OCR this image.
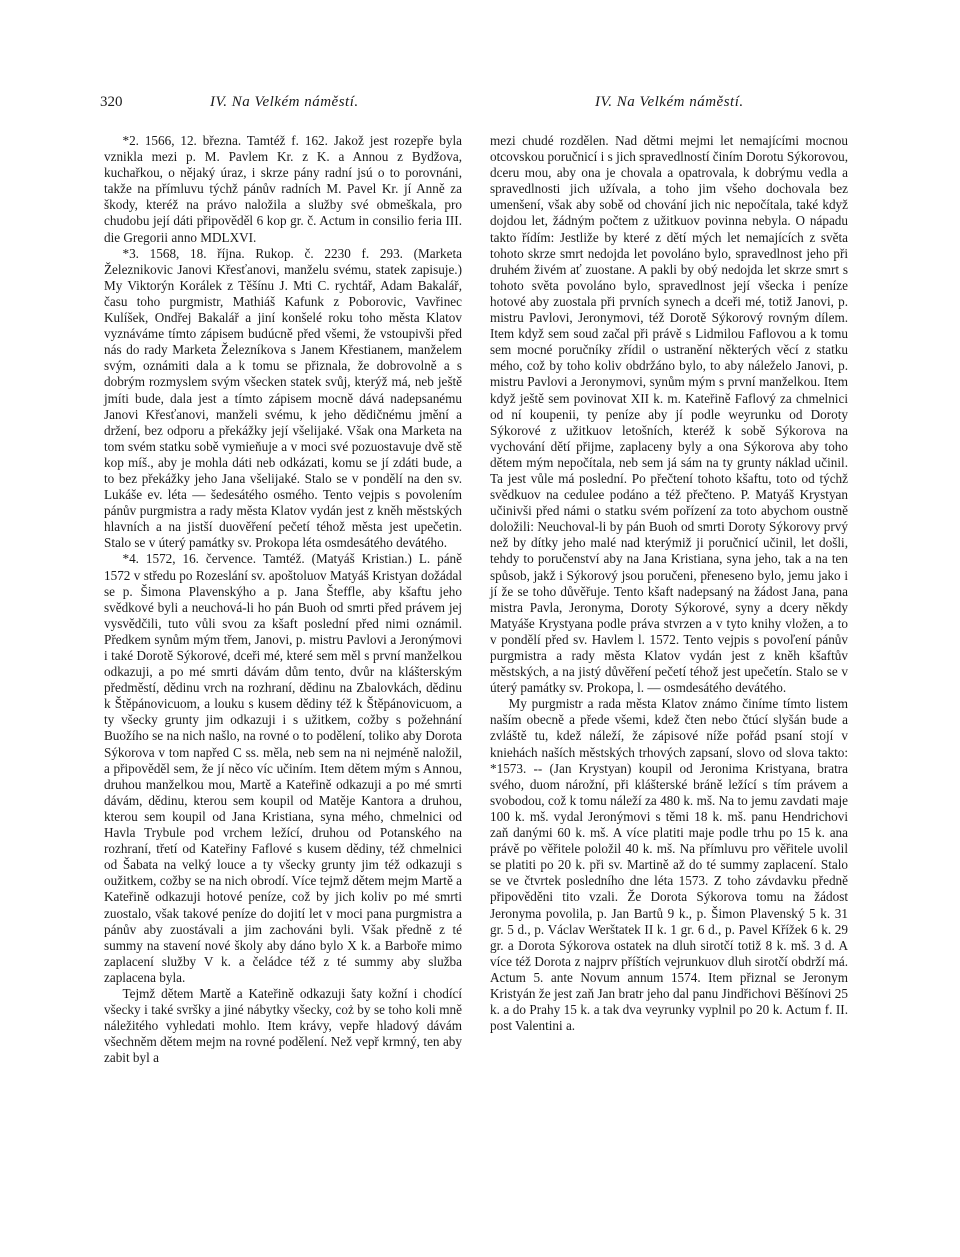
320	IV. Na Velkém náměstí.	IV. Na Velkém náměstí.

*2. 1566, 12. března. Tamtéž f. 162. Jakož jest rozepře byla vznikla mezi p. M. Pavlem Kr. z K. a Annou z Bydžova, kuchařkou, o nějaký úraz, i skrze pány radní jsú o to porovnáni, takže na přímluvu týchž pánův radních M. Pavel Kr. jí Anně za škody, kteréž na právo naložila a služby své obmeškala, pro chudobu její dáti připověděl 6 kop gr. č. Actum in consilio feria III. die Gregorii anno MDLXVI.

*3. 1568, 18. října. Rukop. č. 2230 f. 293. (Marketa Železnikovic Janovi Křesťanovi, manželu svému, statek zapisuje.) My Viktorýn Korálek z Těšínu J. Mti C. rychtář, Adam Bakalář, času toho purgmistr, Mathiáš Kafunk z Poborovic, Vavřinec Kulíšek, Ondřej Bakalář a jiní konšelé roku toho města Klatov vyznáváme tímto zápisem budúcně před všemi, že vstoupivši před nás do rady Marketa Železníkova s Janem Křestianem, manželem svým, oznámiti dala a k tomu se přiznala, že dobrovolně a s dobrým rozmyslem svým všecken statek svůj, kterýž má, neb ještě jmíti bude, dala jest a tímto zápisem mocně dává nadepsanému Janovi Křesťanovi, manželi svému, k jeho dědičnému jmění a držení, bez odporu a překážky její všelijaké. Však ona Marketa na tom svém statku sobě vymieňuje a v moci své pozuostavuje dvě stě kop míš., aby je mohla dáti neb odkázati, komu se jí zdáti bude, a to bez překážky jeho Jana všelijaké. Stalo se v pondělí na den sv. Lukáše ev. léta — šedesátého osmého. Tento vejpis s povolením pánův purgmistra a rady města Klatov vydán jest z kněh městských hlavních a na jistší duověření pečetí téhož města jest upečetin. Stalo se v úterý památky sv. Prokopa léta osmdesátého devátého.

*4. 1572, 16. července. Tamtéž. (Matyáš Kristian.) L. páně 1572 v středu po Rozeslání sv. apoštoluov Matyáš Kristyan dožádal se p. Šimona Plavenskýho a p. Jana Šteffle, aby kšaftu jeho svědkové byli a neuchová-li ho pán Buoh od smrti před právem jej vysvědčili, tuto vůli svou za kšaft poslední před nimi oznámil. Předkem synům mým třem, Janovi, p. mistru Pavlovi a Jeronýmovi i také Dorotě Sýkorové, dceři mé, které sem měl s první manželkou odkazuji, a po mé smrti dávám dům tento, dvůr na klášterským předměstí, dědinu vrch na rozhraní, dědinu na Zbalovkách, dědinu k Štěpánovicuom, a louku s kusem dědiny též k Štěpánovicuom, a ty všecky grunty jim odkazuji i s užitkem, cožby s požehnání Buožího se na nich našlo, na rovné o to podělení, toliko aby Dorota Sýkorova v tom napřed C ss. měla, neb sem na ni nejméně naložil, a připověděl sem, že jí něco víc učiním. Item dětem mým s Annou, druhou manželkou mou, Martě a Kateřině odkazuji a po mé smrti dávám, dědinu, kterou sem koupil od Matěje Kantora a druhou, kterou sem koupil od Jana Kristiana, syna mého, chmelnici od Havla Trybule pod vrchem ležící, druhou od Potanského na rozhraní, třetí od Kateřiny Faflové s kusem dědiny, též chmelnici od Šabata na velký louce a ty všecky grunty jim též odkazuji s oužitkem, cožby se na nich obrodí. Více tejmž dětem mejm Martě a Kateřině odkazuji hotové peníze, což by jich koliv po mé smrti zuostalo, však takové peníze do dojití let v moci pana purgmistra a pánův aby zuostávali a jim zachováni byli. Však předně z té summy na stavení nové školy aby dáno bylo X k. a Barboře mimo zaplacení služby V k. a čeládce též z té summy aby služba zaplacena byla.

Tejmž dětem Martě a Kateřině odkazuji šaty kožní i chodící všecky i také svršky a jiné nábytky všecky, coż by se toho koli mně náležitého vyhledati mohlo. Item krávy, vepře hladový dávám všechněm dětem mejm na rovné podělení. Než vepř krmný, ten aby zabit byl a

mezi chudé rozdělen. Nad dětmi mejmi let nemajícími mocnou otcovskou poručnicí i s jich spravedlností činím Dorotu Sýkorovou, dceru mou, aby ona je chovala a opatrovala, k dobrýmu vedla a spravedlnosti jich užívala, a toho jim všeho dochovala bez umenšení, však aby sobě od chování jich nic nepočítala, také když dojdou let, žádným počtem z užitkuov povinna nebyla. O nápadu takto řídím: Jestliže by které z dětí mých let nemajících z světa tohoto skrze smrt nedojda let povoláno bylo, spravedlnost jeho při druhém živém ať zuostane. A pakli by obý nedojda let skrze smrt s tohoto světa povoláno bylo, spravedlnost její všecka i peníze hotové aby zuostala při prvních synech a dceři mé, totiž Janovi, p. mistru Pavlovi, Jeronymovi, též Dorotě Sýkorový rovným dílem. Item když sem soud začal při právě s Lidmilou Faflovou a k tomu sem mocné poručníky zřídil o ustranění některých věcí z statku mého, což by toho koliv obdržáno bylo, to aby náleželo Janovi, p. mistru Pavlovi a Jeronymovi, synům mým s první manželkou. Item když ještě sem povinovat XII k. m. Kateřině Faflový za chmelnici od ní koupenii, ty peníze aby jí podle weyrunku od Doroty Sýkorové z užitkuov letošních, kteréž k sobě Sýkorova na vychování dětí přijme, zaplaceny byly a ona Sýkorova aby toho dětem mým nepočítala, neb sem já sám na ty grunty náklad učinil. Ta jest vůle má poslední. Po přečtení tohoto kšaftu, toto od týchž svědkuov na ceduleе podáno a též přečteno. P. Matyáš Krystyan učinivši před námi o statku svém pořízení za toto abychom oustně doložili: Neuchoval-li by pán Buoh od smrti Doroty Sýkorovy prvý než by dítky jeho malé nad kterýmiž ji poručnicí učinil, let došli, tehdy to poručenství aby na Jana Kristiana, syna jeho, tak a na ten spůsob, jakž i Sýkorový jsou poručeni, přeneseno bylo, jemu jako i jí že se toho důvěřuje. Tento kšaft nadepsaný na žádost Jana, pana mistra Pavla, Jeronyma, Doroty Sýkorové, syny a dcery někdy Matyáše Krystyana podle práva stvrzen a v tyto knihy vložen, a to v pondělí před sv. Havlem l. 1572. Tento vejpis s povoľení pánův purgmistra a rady města Klatov vydán jest z kněh kšaftův městských, a na jistý důvěření pečetí téhož jest upečetín. Stalo se v úterý památky sv. Prokopa, l. — osmdesátého devátého.

My purgmistr a rada města Klatov známo činíme tímto listem naším obecně a přede všemi, kdež čten nebo čtúcí slyšán bude a zvláště tu, kdež náleží, že zápisové níže pořád psaní stojí v kniehách naších městských trhových zapsaní, slovo od slova takto: *1573. -- (Jan Krystyan) koupil od Jeronima Kristyana, bratra svého, duom nárožní, při klášterské bráně ležící s tím právem a svobodou, což k tomu náleží za 480 k. mš. Na to jemu zavdati maje 100 k. mš. vydal Jeronýmovi s těmi 18 k. mš. panu Hendrichovi zaň danými 60 k. mš. A více platiti maje podle trhu po 15 k. ana právě po věřitele položil 40 k. mš. Na přímluvu pro věřitele uvolil se platiti po 20 k. při sv. Martině až do té summy zaplacení. Stalo se ve čtvrtek posledního dne léta 1573. Z toho závdavku předně připověděni tito vzali. Že Dorota Sýkorova tomu na žádost Jeronyma povolila, p. Jan Bartů 9 k., p. Šimon Plavenský 5 k. 31 gr. 5 d., p. Václav Werštatek II k. 1 gr. 6 d., p. Pavel Křížek 6 k. 29 gr. a Dorota Sýkorova ostatek na dluh sirotčí totiž 8 k. mš. 3 d. A více též Dorota z najprv příštích vejrunkuov dluh sirotčí obdrží má. Actum 5. ante Novum annum 1574. Item přiznal se Jeronym Kristyán že jest zaň Jan bratr jeho dal panu Jindřichovi Běšínovi 25 k. a do Prahy 15 k. a tak dva veyrunky vyplnil po 20 k. Actum f. II. post Valentini a.
